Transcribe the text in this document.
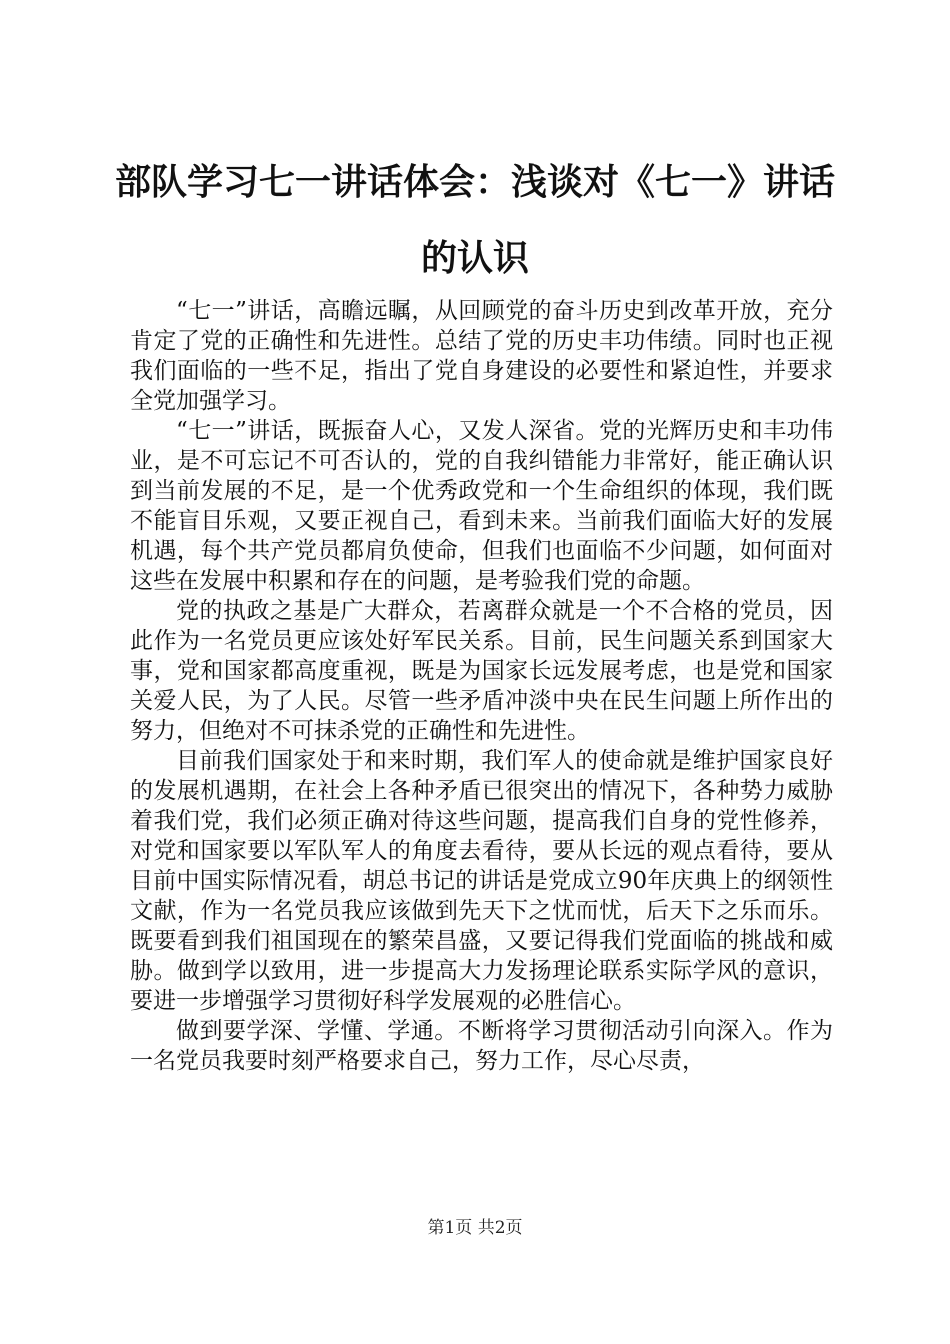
部队学习七一讲话体会：浅谈对《七一》讲话
的认识

“七一”讲话，高瞻远瞩，从回顾党的奋斗历史到改革开放，充分肯定了党的正确性和先进性。总结了党的历史丰功伟绩。同时也正视我们面临的一些不足，指出了党自身建设的必要性和紧迫性，并要求全党加强学习。

“七一”讲话，既振奋人心，又发人深省。党的光辉历史和丰功伟业，是不可忘记不可否认的，党的自我纠错能力非常好，能正确认识到当前发展的不足，是一个优秀政党和一个生命组织的体现，我们既不能盲目乐观，又要正视自己，看到未来。当前我们面临大好的发展机遇，每个共产党员都肩负使命，但我们也面临不少问题，如何面对这些在发展中积累和存在的问题，是考验我们党的命题。

党的执政之基是广大群众，若离群众就是一个不合格的党员，因此作为一名党员更应该处好军民关系。目前，民生问题关系到国家大事，党和国家都高度重视，既是为国家长远发展考虑，也是党和国家关爱人民，为了人民。尽管一些矛盾冲淡中央在民生问题上所作出的努力，但绝对不可抹杀党的正确性和先进性。

目前我们国家处于和来时期，我们军人的使命就是维护国家良好的发展机遇期，在社会上各种矛盾已很突出的情况下，各种势力威胁着我们党，我们必须正确对待这些问题，提高我们自身的党性修养，对党和国家要以军队军人的角度去看待，要从长远的观点看待，要从目前中国实际情况看，胡总书记的讲话是党成立90年庆典上的纲领性文献，作为一名党员我应该做到先天下之忧而忧，后天下之乐而乐。既要看到我们祖国现在的繁荣昌盛，又要记得我们党面临的挑战和威胁。做到学以致用，进一步提高大力发扬理论联系实际学风的意识，要进一步增强学习贯彻好科学发展观的必胜信心。

做到要学深、学懂、学通。不断将学习贯彻活动引向深入。作为一名党员我要时刻严格要求自己，努力工作，尽心尽责，

第1页 共2页
